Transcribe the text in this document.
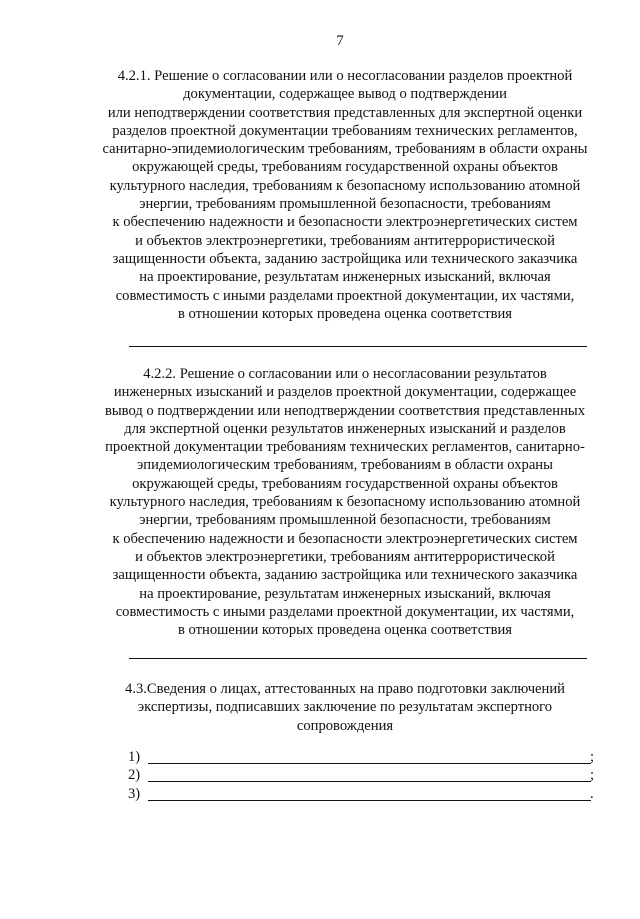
7
4.2.1. Решение о согласовании или о несогласовании разделов проектной
документации, содержащее вывод о подтверждении
или неподтверждении соответствия представленных для экспертной оценки
разделов проектной документации требованиям технических регламентов,
санитарно-эпидемиологическим требованиям, требованиям в области охраны
окружающей среды, требованиям государственной охраны объектов
культурного наследия, требованиям к безопасному использованию атомной
энергии, требованиям промышленной безопасности, требованиям
к обеспечению надежности и безопасности электроэнергетических систем
и объектов электроэнергетики, требованиям антитеррористической
защищенности объекта, заданию застройщика или технического заказчика
на проектирование, результатам инженерных изысканий, включая
совместимость с иными разделами проектной документации, их частями,
в отношении которых проведена оценка соответствия
4.2.2. Решение о согласовании или о несогласовании результатов
инженерных изысканий и разделов проектной документации, содержащее
вывод о подтверждении или неподтверждении соответствия представленных
для экспертной оценки результатов инженерных изысканий и разделов
проектной документации требованиям технических регламентов, санитарно-
эпидемиологическим требованиям, требованиям в области охраны
окружающей среды, требованиям государственной охраны объектов
культурного наследия, требованиям к безопасному использованию атомной
энергии, требованиям промышленной безопасности, требованиям
к обеспечению надежности и безопасности электроэнергетических систем
и объектов электроэнергетики, требованиям антитеррористической
защищенности объекта, заданию застройщика или технического заказчика
на проектирование, результатам инженерных изысканий, включая
совместимость с иными разделами проектной документации, их частями,
в отношении которых проведена оценка соответствия
4.3.Сведения о лицах, аттестованных на право подготовки заключений
экспертизы, подписавших заключение по результатам экспертного
сопровождения
1)	;
2)	;
3)	.
